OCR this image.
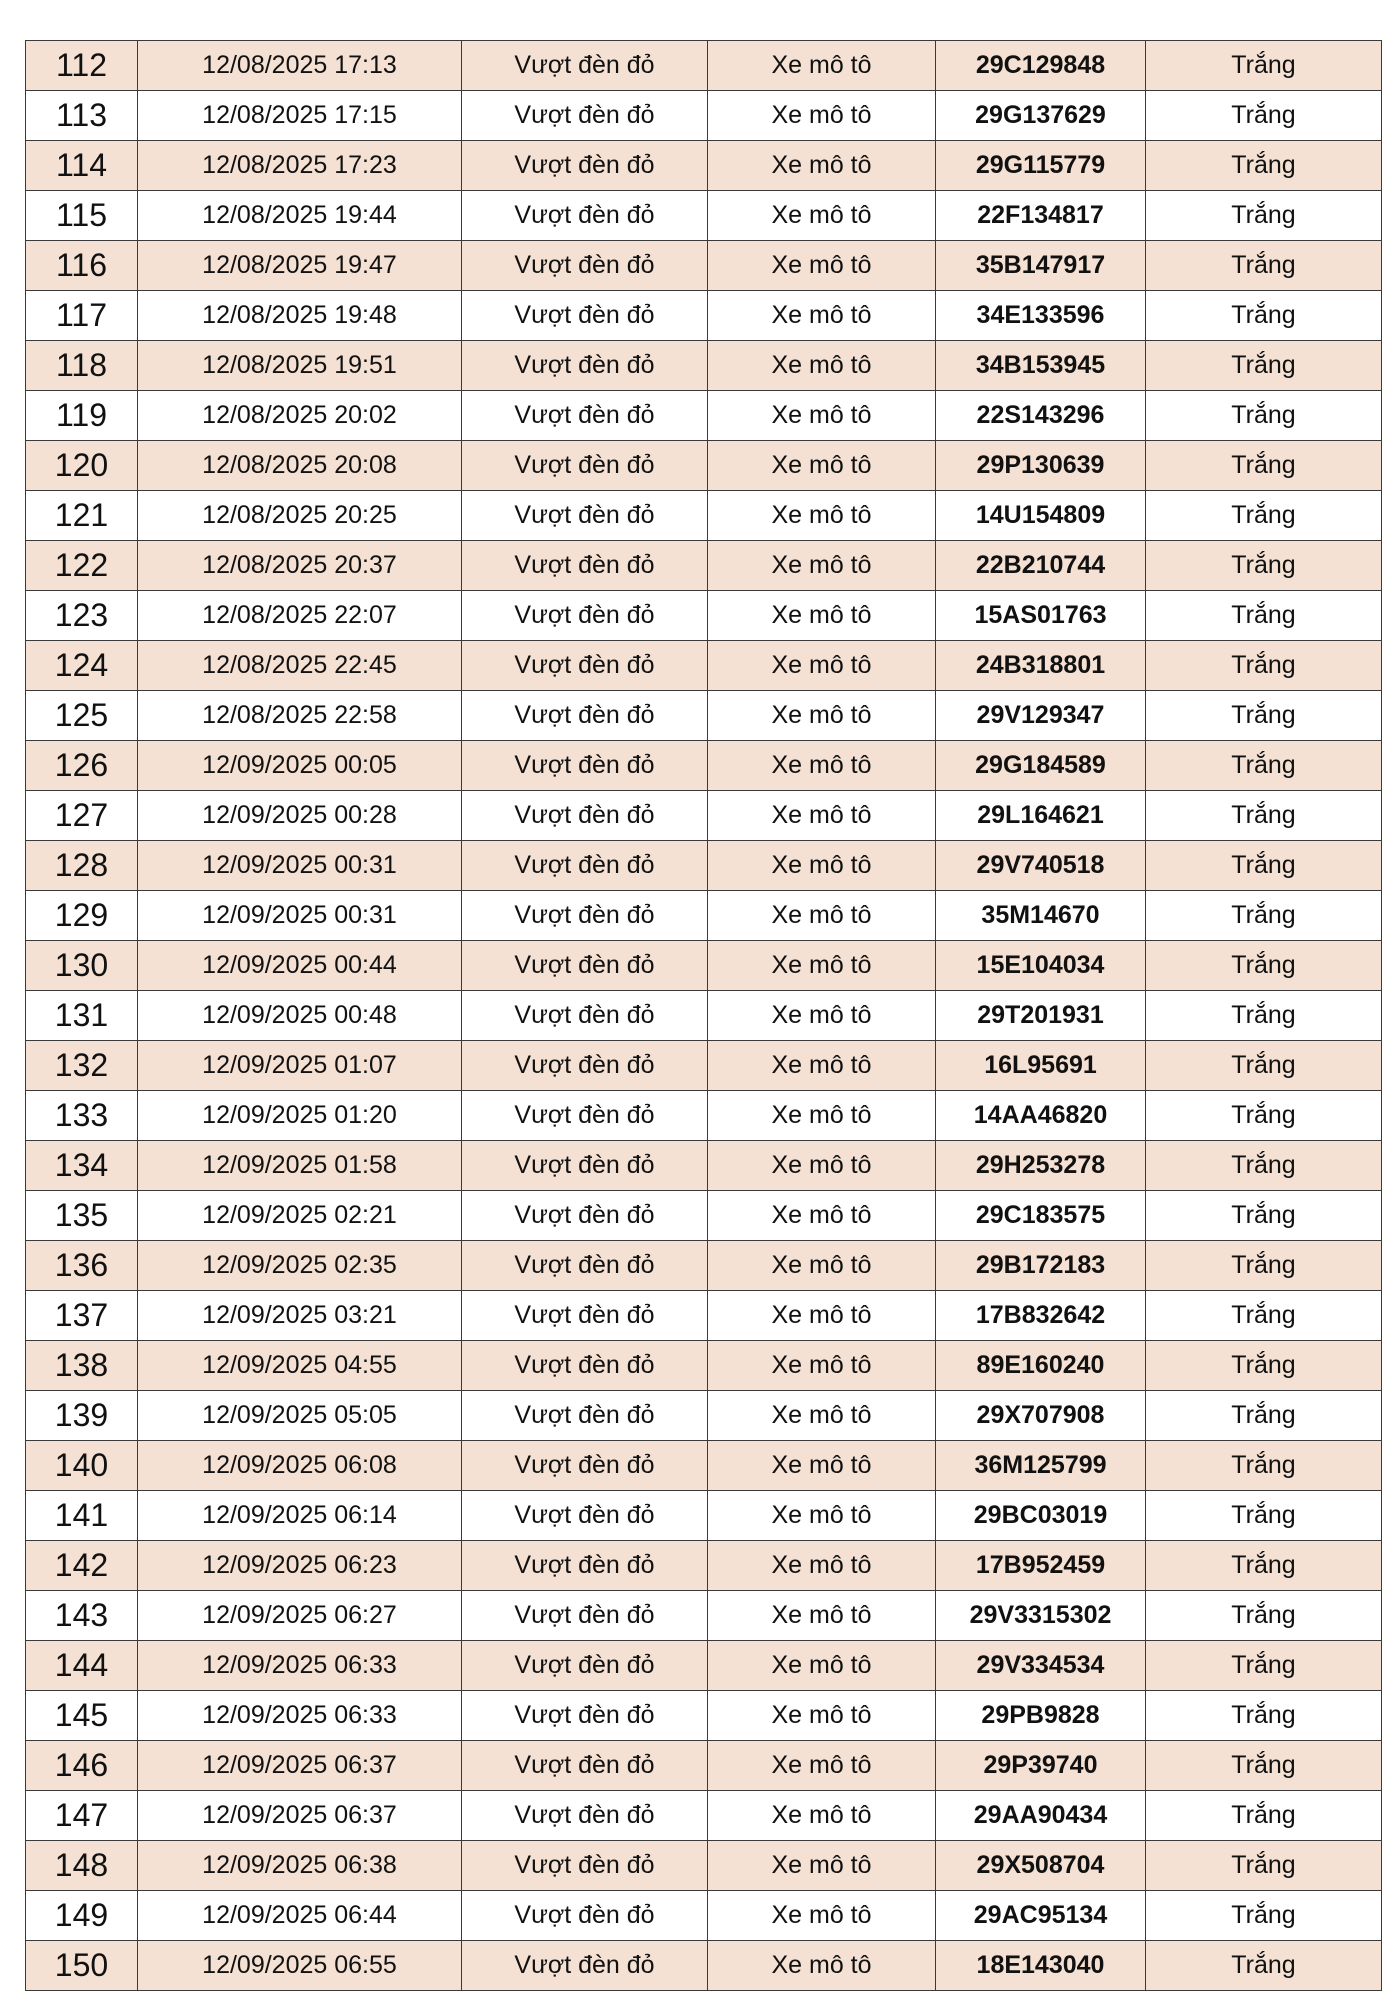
112	12/08/2025 17:13	Vượt đèn đỏ	Xe mô tô	29C129848	Trắng
113	12/08/2025 17:15	Vượt đèn đỏ	Xe mô tô	29G137629	Trắng
114	12/08/2025 17:23	Vượt đèn đỏ	Xe mô tô	29G115779	Trắng
115	12/08/2025 19:44	Vượt đèn đỏ	Xe mô tô	22F134817	Trắng
116	12/08/2025 19:47	Vượt đèn đỏ	Xe mô tô	35B147917	Trắng
117	12/08/2025 19:48	Vượt đèn đỏ	Xe mô tô	34E133596	Trắng
118	12/08/2025 19:51	Vượt đèn đỏ	Xe mô tô	34B153945	Trắng
119	12/08/2025 20:02	Vượt đèn đỏ	Xe mô tô	22S143296	Trắng
120	12/08/2025 20:08	Vượt đèn đỏ	Xe mô tô	29P130639	Trắng
121	12/08/2025 20:25	Vượt đèn đỏ	Xe mô tô	14U154809	Trắng
122	12/08/2025 20:37	Vượt đèn đỏ	Xe mô tô	22B210744	Trắng
123	12/08/2025 22:07	Vượt đèn đỏ	Xe mô tô	15AS01763	Trắng
124	12/08/2025 22:45	Vượt đèn đỏ	Xe mô tô	24B318801	Trắng
125	12/08/2025 22:58	Vượt đèn đỏ	Xe mô tô	29V129347	Trắng
126	12/09/2025 00:05	Vượt đèn đỏ	Xe mô tô	29G184589	Trắng
127	12/09/2025 00:28	Vượt đèn đỏ	Xe mô tô	29L164621	Trắng
128	12/09/2025 00:31	Vượt đèn đỏ	Xe mô tô	29V740518	Trắng
129	12/09/2025 00:31	Vượt đèn đỏ	Xe mô tô	35M14670	Trắng
130	12/09/2025 00:44	Vượt đèn đỏ	Xe mô tô	15E104034	Trắng
131	12/09/2025 00:48	Vượt đèn đỏ	Xe mô tô	29T201931	Trắng
132	12/09/2025 01:07	Vượt đèn đỏ	Xe mô tô	16L95691	Trắng
133	12/09/2025 01:20	Vượt đèn đỏ	Xe mô tô	14AA46820	Trắng
134	12/09/2025 01:58	Vượt đèn đỏ	Xe mô tô	29H253278	Trắng
135	12/09/2025 02:21	Vượt đèn đỏ	Xe mô tô	29C183575	Trắng
136	12/09/2025 02:35	Vượt đèn đỏ	Xe mô tô	29B172183	Trắng
137	12/09/2025 03:21	Vượt đèn đỏ	Xe mô tô	17B832642	Trắng
138	12/09/2025 04:55	Vượt đèn đỏ	Xe mô tô	89E160240	Trắng
139	12/09/2025 05:05	Vượt đèn đỏ	Xe mô tô	29X707908	Trắng
140	12/09/2025 06:08	Vượt đèn đỏ	Xe mô tô	36M125799	Trắng
141	12/09/2025 06:14	Vượt đèn đỏ	Xe mô tô	29BC03019	Trắng
142	12/09/2025 06:23	Vượt đèn đỏ	Xe mô tô	17B952459	Trắng
143	12/09/2025 06:27	Vượt đèn đỏ	Xe mô tô	29V3315302	Trắng
144	12/09/2025 06:33	Vượt đèn đỏ	Xe mô tô	29V334534	Trắng
145	12/09/2025 06:33	Vượt đèn đỏ	Xe mô tô	29PB9828	Trắng
146	12/09/2025 06:37	Vượt đèn đỏ	Xe mô tô	29P39740	Trắng
147	12/09/2025 06:37	Vượt đèn đỏ	Xe mô tô	29AA90434	Trắng
148	12/09/2025 06:38	Vượt đèn đỏ	Xe mô tô	29X508704	Trắng
149	12/09/2025 06:44	Vượt đèn đỏ	Xe mô tô	29AC95134	Trắng
150	12/09/2025 06:55	Vượt đèn đỏ	Xe mô tô	18E143040	Trắng
